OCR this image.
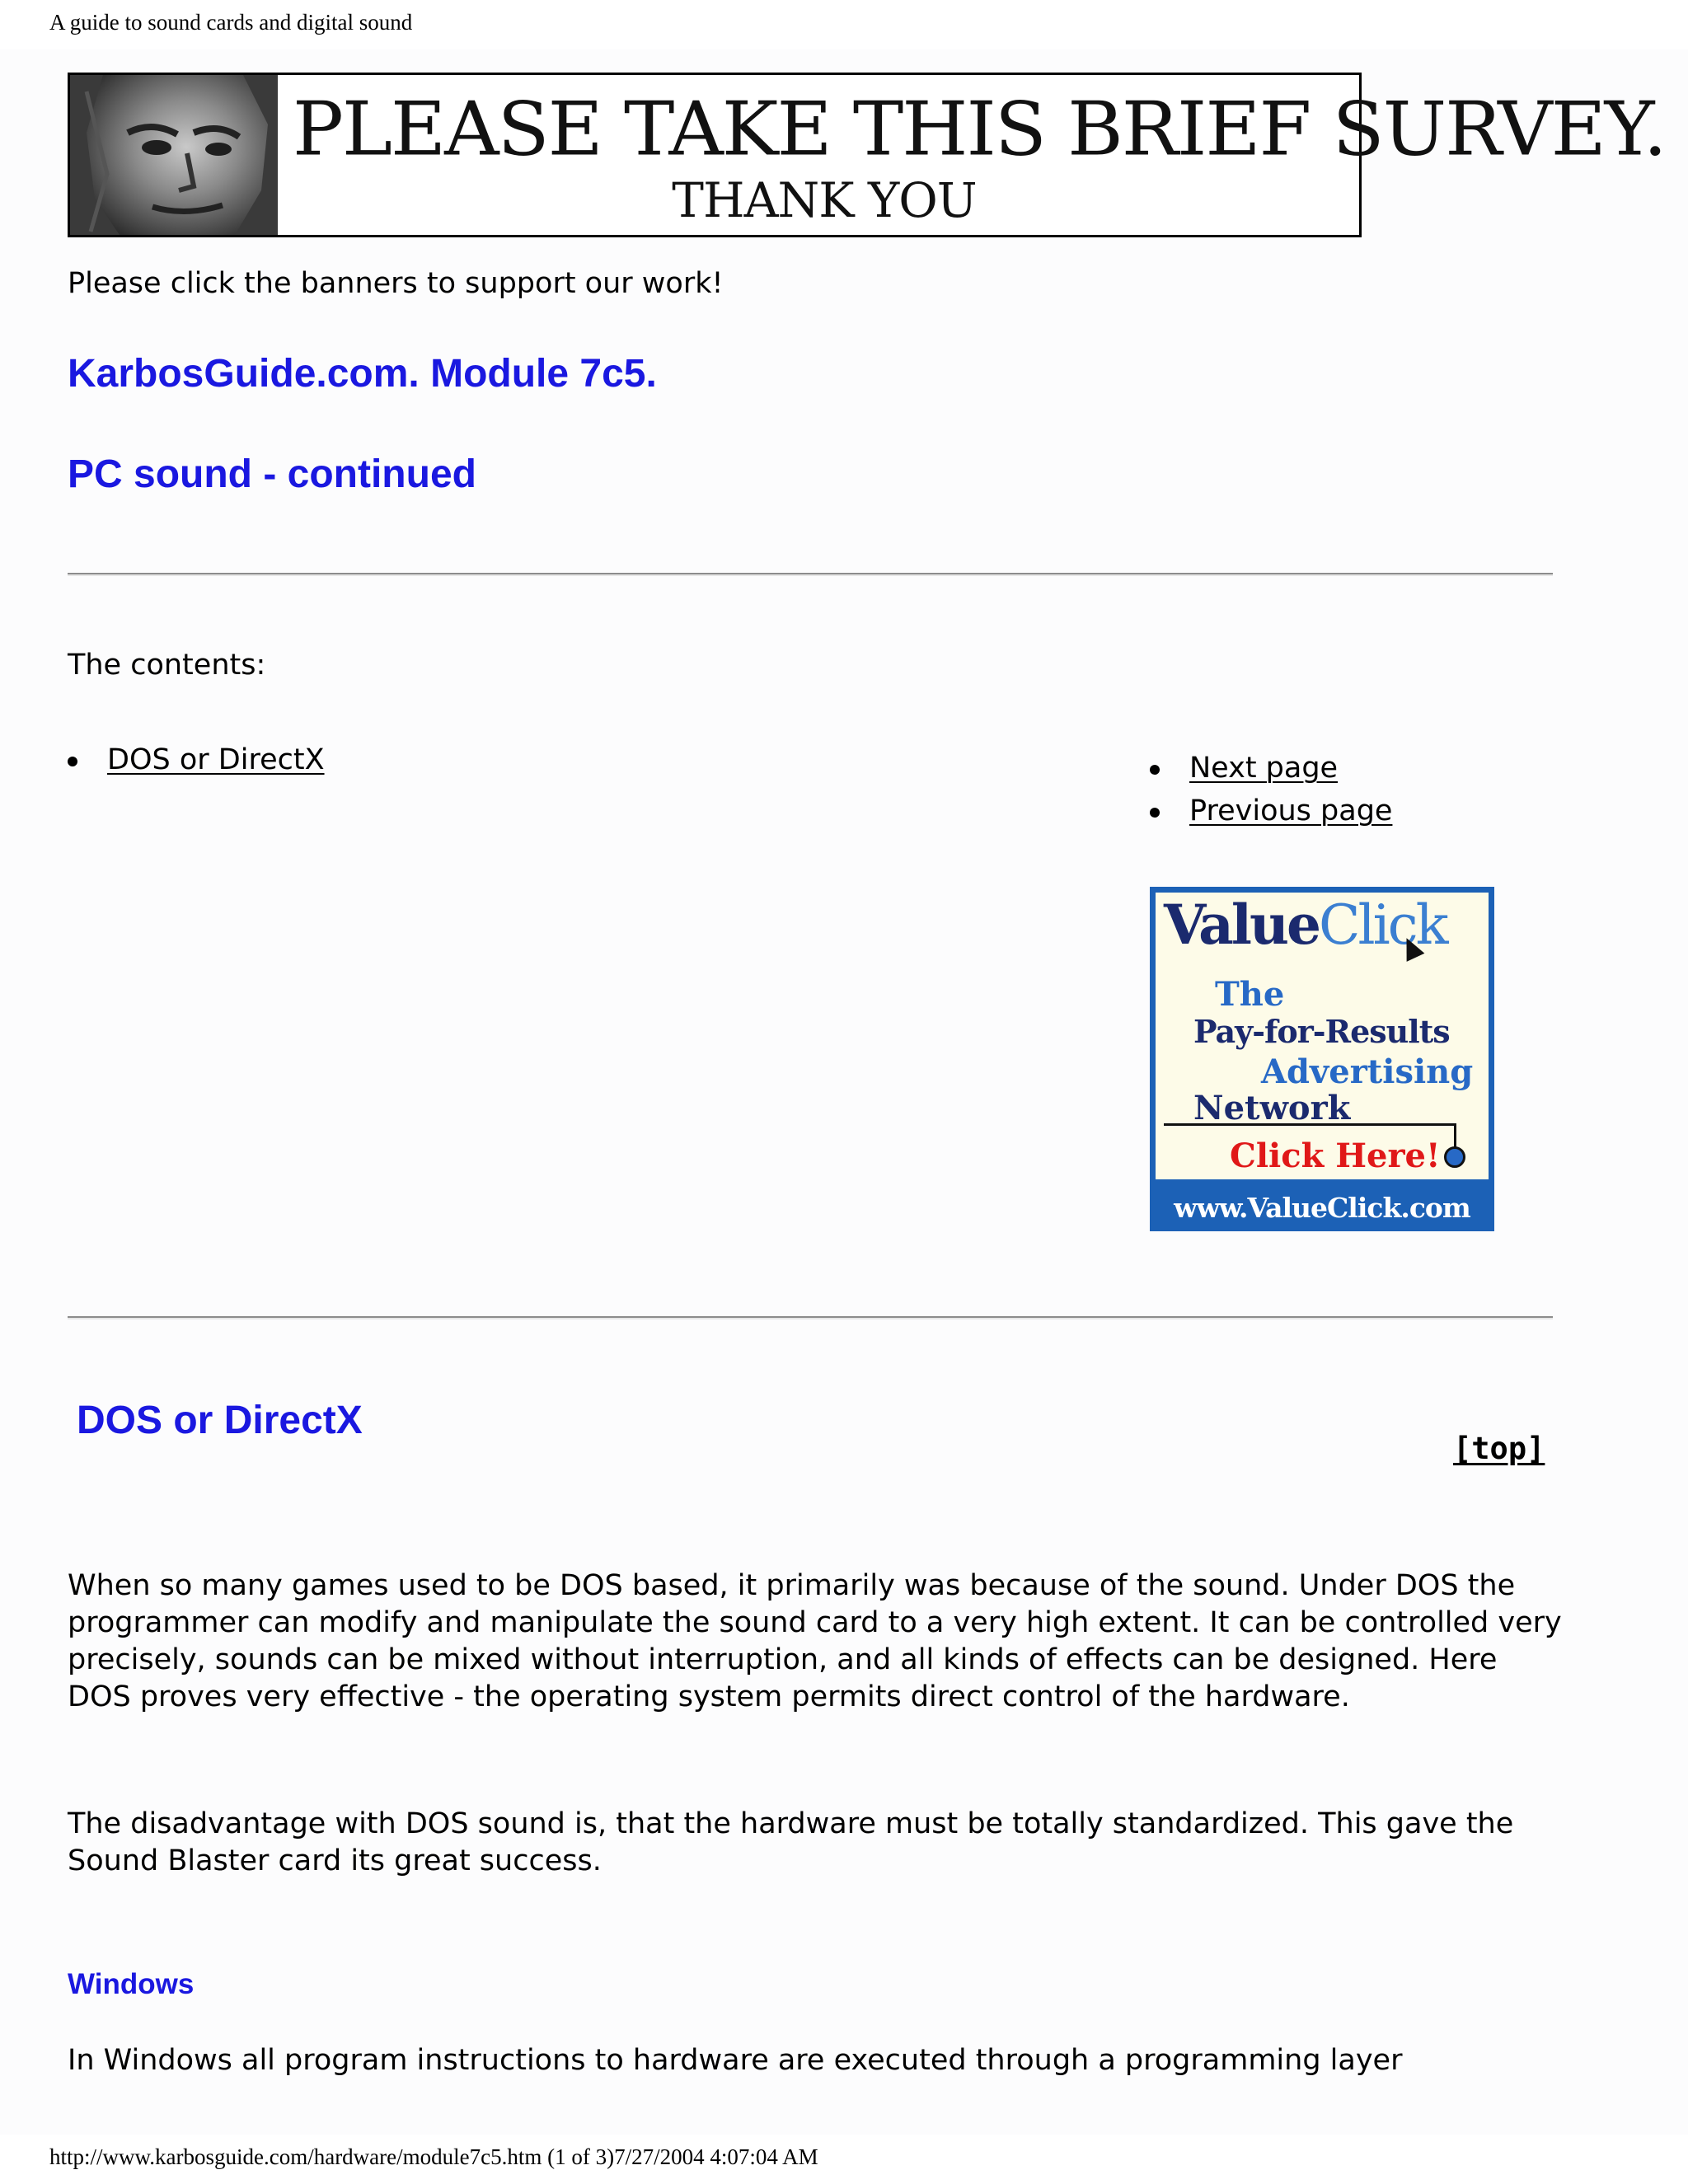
A guide to sound cards and digital sound
PLEASE TAKE THIS BRIEF SURVEY.
THANK YOU
Please click the banners to support our work!
KarbosGuide.com. Module 7c5.
PC sound - continued
The contents:
DOS or DirectX	Next page
Previous page
ValueClick
The
Pay-for-Results
Advertising
Network
Click Here!
www.ValueClick.com
DOS or DirectX
[top]

When so many games used to be DOS based, it primarily was because of the sound. Under DOS the programmer can modify and manipulate the sound card to a very high extent. It can be controlled very precisely, sounds can be mixed without interruption, and all kinds of effects can be designed. Here DOS proves very effective - the operating system permits direct control of the hardware.

The disadvantage with DOS sound is, that the hardware must be totally standardized. This gave the Sound Blaster card its great success.

Windows

In Windows all program instructions to hardware are executed through a programming layer

http://www.karbosguide.com/hardware/module7c5.htm (1 of 3)7/27/2004 4:07:04 AM
